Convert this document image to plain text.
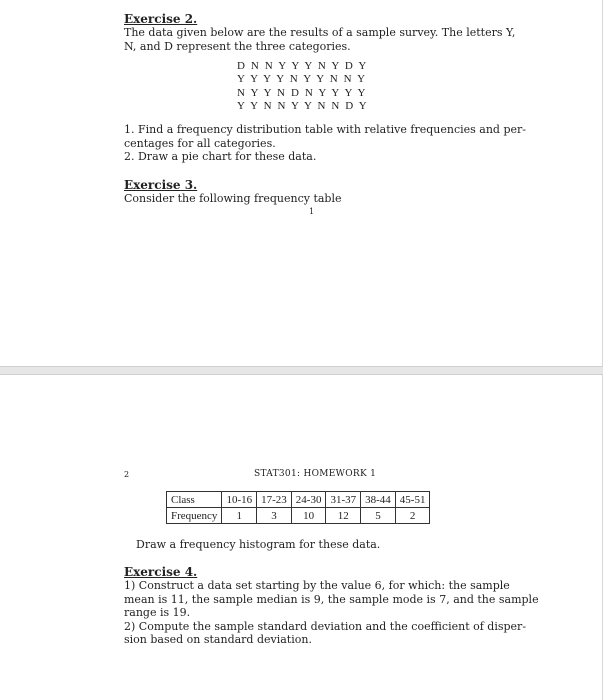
Exercise 2.

The data given below are the results of a sample survey. The letters Y,

N, and D represent the three categories.

D N N Y Y Y N Y D Y
Y Y Y Y N Y Y N N Y
N Y Y N D N Y Y Y Y
Y Y N N Y Y N N D Y

1. Find a frequency distribution table with relative frequencies and per-

centages for all categories.

2. Draw a pie chart for these data.

Exercise 3.
Consider the following frequency table
1
2	STAT301: HOMEWORK 1
Class	10-16	17-23	24-30	31-37	38-44	45-51
Frequency	1	3	10	12	5	2
Draw a frequency histogram for these data.
Exercise 4.

1) Construct a data set starting by the value 6, for which: the sample

mean is 11, the sample median is 9, the sample mode is 7, and the sample

range is 19.

2) Compute the sample standard deviation and the coefficient of disper-

sion based on standard deviation.
